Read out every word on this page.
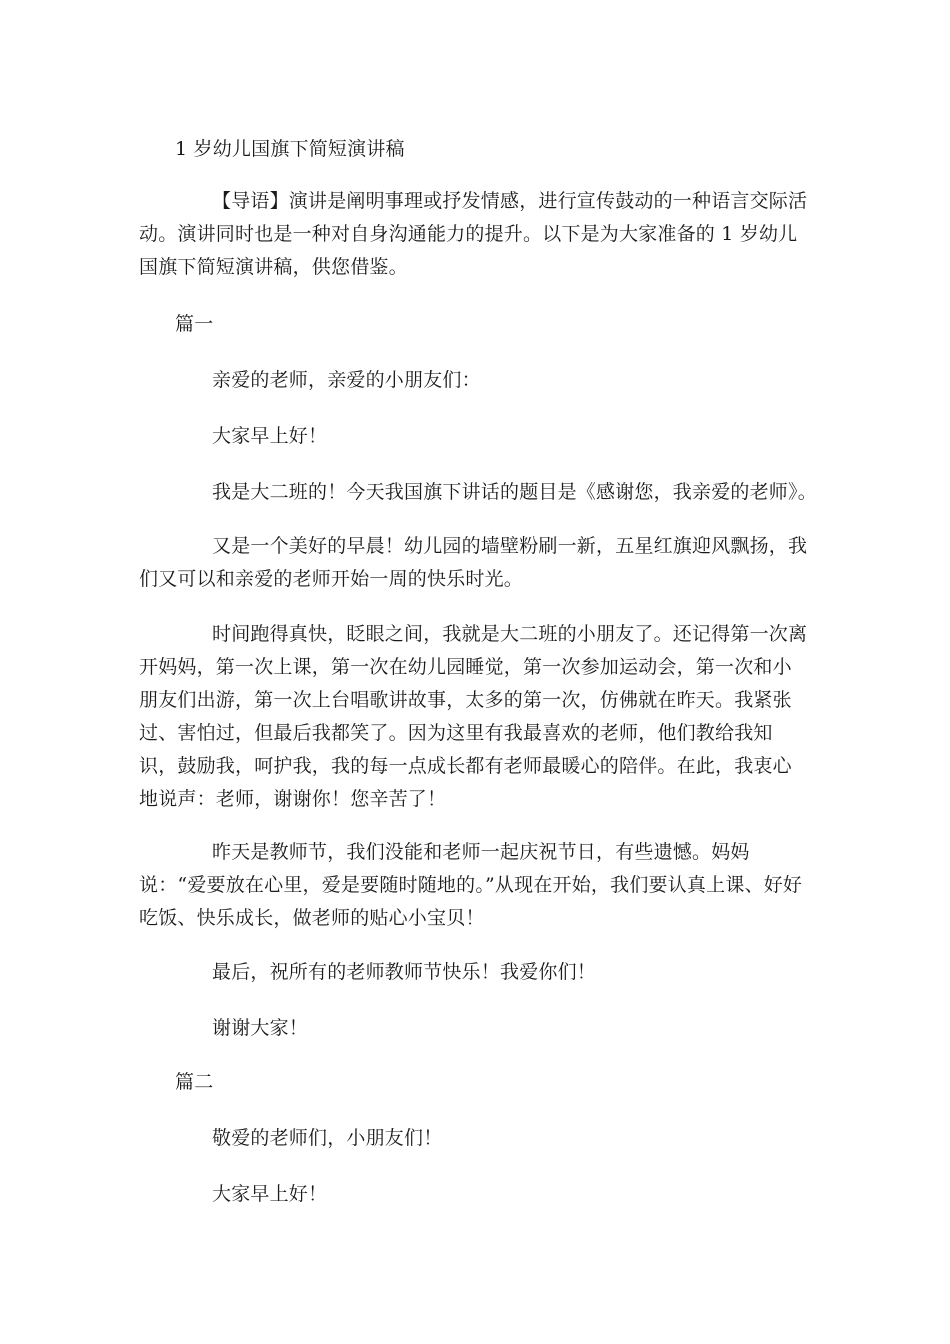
1 岁幼儿国旗下简短演讲稿
【导语】演讲是阐明事理或抒发情感，进行宣传鼓动的一种语言交际活动。演讲同时也是一种对自身沟通能力的提升。以下是为大家准备的 1 岁幼儿国旗下简短演讲稿，供您借鉴。
篇一
亲爱的老师，亲爱的小朋友们：
大家早上好！
我是大二班的！今天我国旗下讲话的题目是《感谢您，我亲爱的老师》。
又是一个美好的早晨！幼儿园的墙壁粉刷一新，五星红旗迎风飘扬，我们又可以和亲爱的老师开始一周的快乐时光。
时间跑得真快，眨眼之间，我就是大二班的小朋友了。还记得第一次离开妈妈，第一次上课，第一次在幼儿园睡觉，第一次参加运动会，第一次和小朋友们出游，第一次上台唱歌讲故事，太多的第一次，仿佛就在昨天。我紧张过、害怕过，但最后我都笑了。因为这里有我最喜欢的老师，他们教给我知识，鼓励我，呵护我，我的每一点成长都有老师最暖心的陪伴。在此，我衷心地说声：老师，谢谢你！您辛苦了！
昨天是教师节，我们没能和老师一起庆祝节日，有些遗憾。妈妈说：“爱要放在心里，爱是要随时随地的。”从现在开始，我们要认真上课、好好吃饭、快乐成长，做老师的贴心小宝贝！
最后，祝所有的老师教师节快乐！我爱你们！
谢谢大家！
篇二
敬爱的老师们，小朋友们！
大家早上好！
